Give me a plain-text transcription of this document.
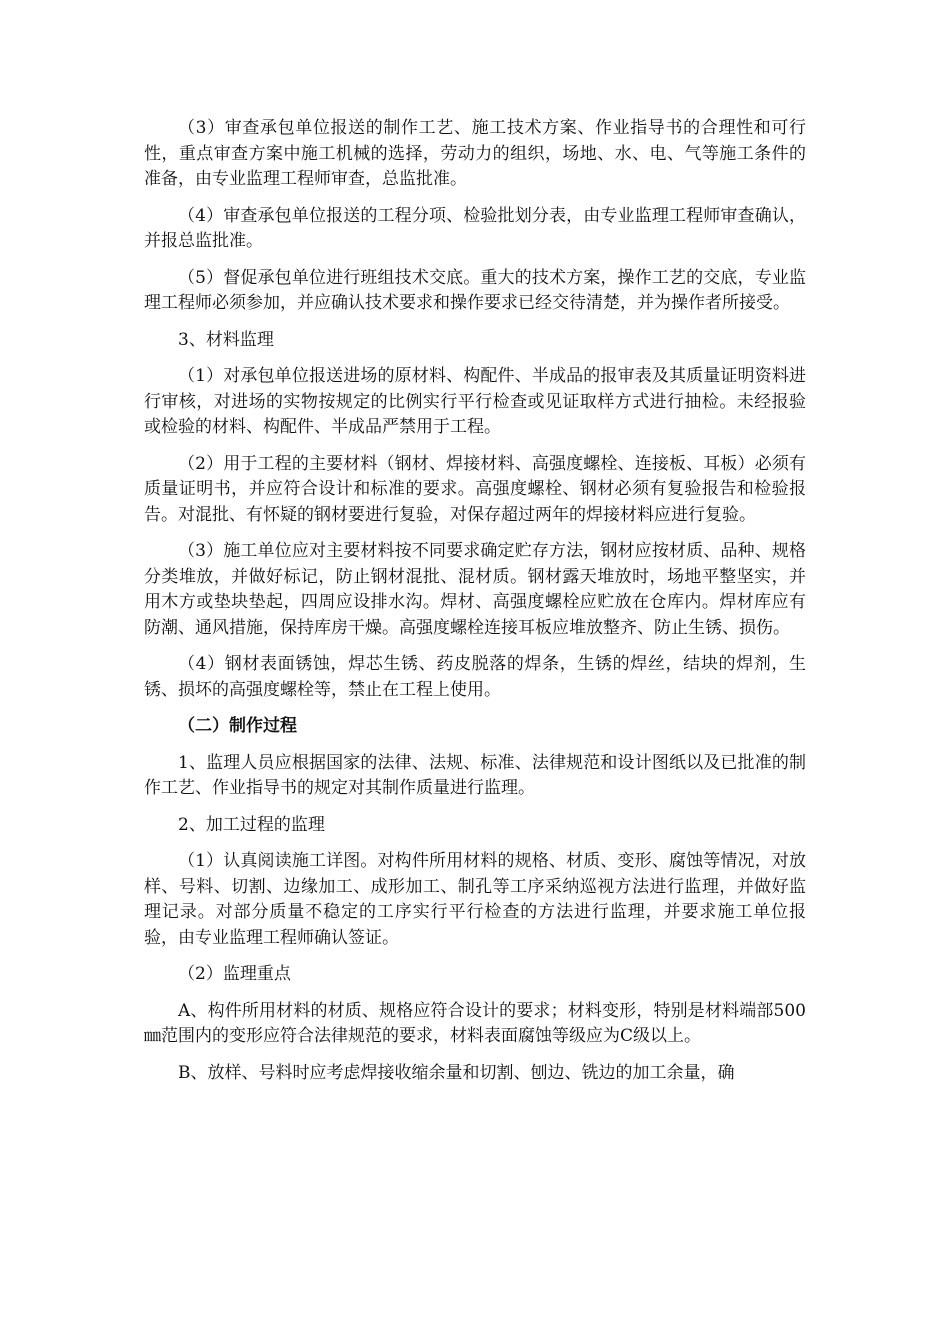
（3）审查承包单位报送的制作工艺、施工技术方案、作业指导书的合理性和可行性，重点审查方案中施工机械的选择，劳动力的组织，场地、水、电、气等施工条件的准备，由专业监理工程师审查，总监批准。

（4）审查承包单位报送的工程分项、检验批划分表，由专业监理工程师审查确认，并报总监批准。

（5）督促承包单位进行班组技术交底。重大的技术方案，操作工艺的交底，专业监理工程师必须参加，并应确认技术要求和操作要求已经交待清楚，并为操作者所接受。

3、材料监理

（1）对承包单位报送进场的原材料、构配件、半成品的报审表及其质量证明资料进行审核，对进场的实物按规定的比例实行平行检查或见证取样方式进行抽检。未经报验或检验的材料、构配件、半成品严禁用于工程。

（2）用于工程的主要材料（钢材、焊接材料、高强度螺栓、连接板、耳板）必须有质量证明书，并应符合设计和标准的要求。高强度螺栓、钢材必须有复验报告和检验报告。对混批、有怀疑的钢材要进行复验，对保存超过两年的焊接材料应进行复验。

（3）施工单位应对主要材料按不同要求确定贮存方法，钢材应按材质、品种、规格分类堆放，并做好标记，防止钢材混批、混材质。钢材露天堆放时，场地平整坚实，并用木方或垫块垫起，四周应设排水沟。焊材、高强度螺栓应贮放在仓库内。焊材库应有防潮、通风措施，保持库房干燥。高强度螺栓连接耳板应堆放整齐、防止生锈、损伤。

（4）钢材表面锈蚀，焊芯生锈、药皮脱落的焊条，生锈的焊丝，结块的焊剂，生锈、损坏的高强度螺栓等，禁止在工程上使用。

（二）制作过程

1、监理人员应根据国家的法律、法规、标准、法律规范和设计图纸以及已批准的制作工艺、作业指导书的规定对其制作质量进行监理。

2、加工过程的监理

（1）认真阅读施工详图。对构件所用材料的规格、材质、变形、腐蚀等情况，对放样、号料、切割、边缘加工、成形加工、制孔等工序采纳巡视方法进行监理，并做好监理记录。对部分质量不稳定的工序实行平行检查的方法进行监理，并要求施工单位报验，由专业监理工程师确认签证。

（2）监理重点

A、构件所用材料的材质、规格应符合设计的要求；材料变形，特别是材料端部500㎜范围内的变形应符合法律规范的要求，材料表面腐蚀等级应为C级以上。

B、放样、号料时应考虑焊接收缩余量和切割、刨边、铣边的加工余量，确
